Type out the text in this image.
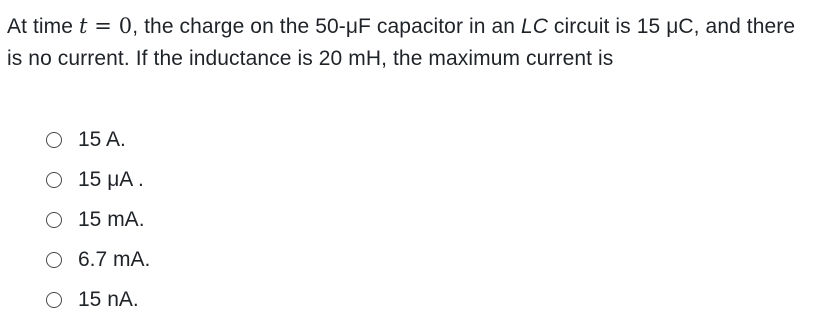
At time t = 0, the charge on the 50-μF capacitor in an LC circuit is 15 μC, and there is no current. If the inductance is 20 mH, the maximum current is
15 A.
15 μA .
15 mA.
6.7 mA.
15 nA.
